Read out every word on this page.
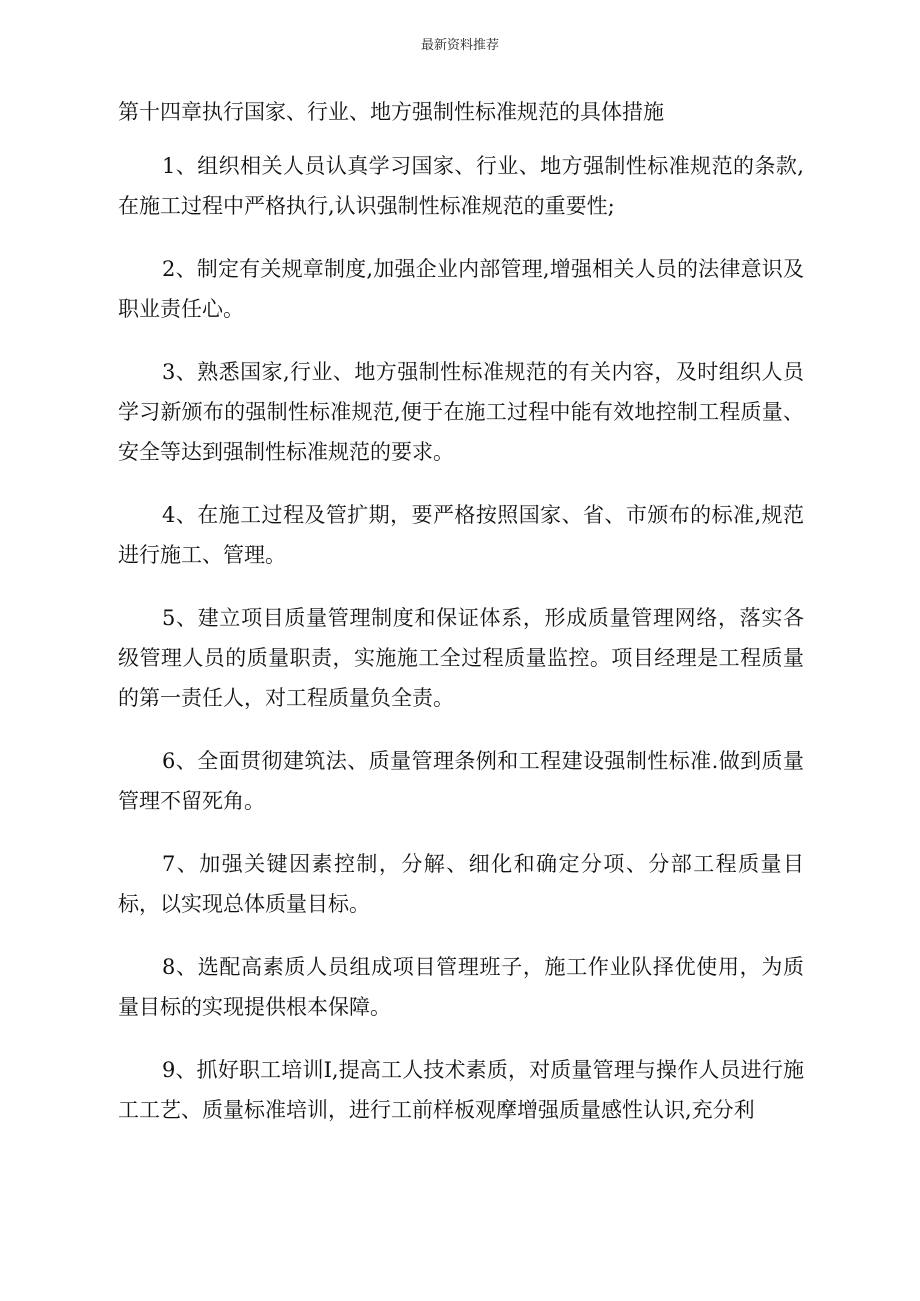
最新资料推荐
第十四章执行国家、行业、地方强制性标准规范的具体措施

1、组织相关人员认真学习国家、行业、地方强制性标准规范的条款,在施工过程中严格执行,认识强制性标准规范的重要性;

2、制定有关规章制度,加强企业内部管理,增强相关人员的法律意识及职业责任心。

3、熟悉国家,行业、地方强制性标准规范的有关内容，及时组织人员学习新颁布的强制性标准规范,便于在施工过程中能有效地控制工程质量、安全等达到强制性标准规范的要求。

4、在施工过程及管扩期，要严格按照国家、省、市颁布的标准,规范进行施工、管理。

5、建立项目质量管理制度和保证体系，形成质量管理网络，落实各级管理人员的质量职责，实施施工全过程质量监控。项目经理是工程质量的第一责任人，对工程质量负全责。

6、全面贯彻建筑法、质量管理条例和工程建设强制性标准.做到质量管理不留死角。

7、加强关键因素控制，分解、细化和确定分项、分部工程质量目标，以实现总体质量目标。

8、选配高素质人员组成项目管理班子，施工作业队择优使用，为质量目标的实现提供根本保障。

9、抓好职工培训I,提高工人技术素质，对质量管理与操作人员进行施工工艺、质量标准培训，进行工前样板观摩增强质量感性认识,充分利
